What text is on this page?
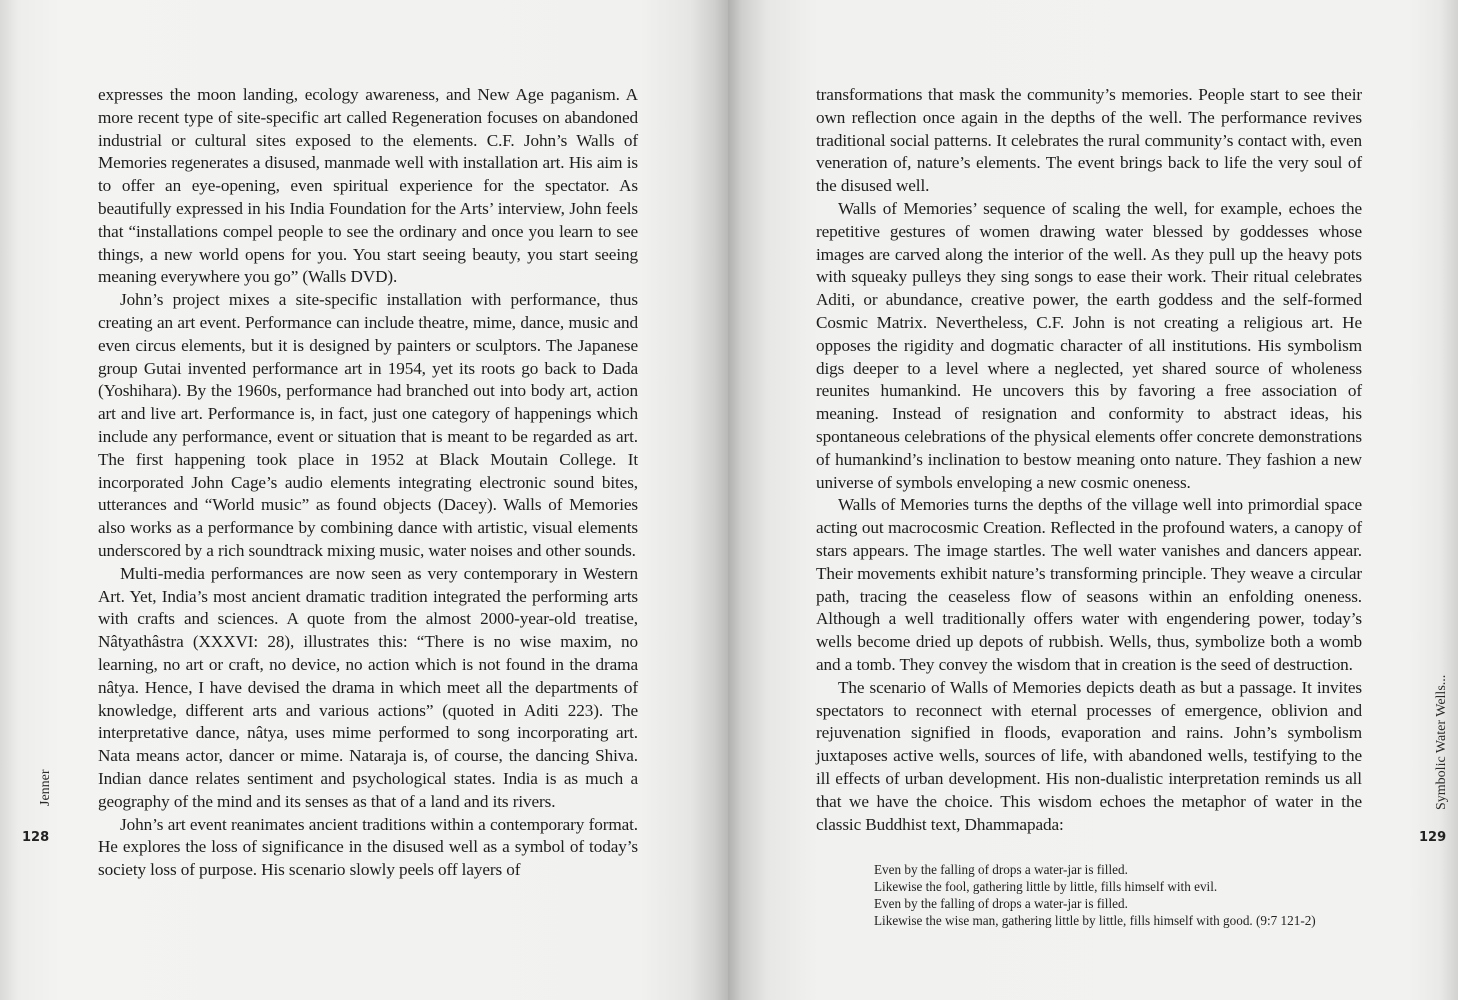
expresses the moon landing, ecology awareness, and New Age paganism. A more recent type of site-specific art called Regeneration focuses on abandoned industrial or cultural sites exposed to the elements. C.F. John’s Walls of Memories regenerates a disused, manmade well with installation art. His aim is to offer an eye-opening, even spiritual experience for the spectator. As beautifully expressed in his India Foundation for the Arts’ interview, John feels that “installations compel people to see the ordinary and once you learn to see things, a new world opens for you. You start seeing beauty, you start seeing meaning everywhere you go” (Walls DVD).

John’s project mixes a site-specific installation with performance, thus creating an art event. Performance can include theatre, mime, dance, music and even circus elements, but it is designed by painters or sculptors. The Japanese group Gutai invented performance art in 1954, yet its roots go back to Dada (Yoshihara). By the 1960s, performance had branched out into body art, action art and live art. Performance is, in fact, just one category of happenings which include any performance, event or situation that is meant to be regarded as art. The first happening took place in 1952 at Black Moutain College. It incorporated John Cage’s audio elements integrating electronic sound bites, utterances and “World music” as found objects (Dacey). Walls of Memories also works as a performance by combining dance with artistic, visual elements underscored by a rich soundtrack mixing music, water noises and other sounds.

Multi-media performances are now seen as very contemporary in Western Art. Yet, India’s most ancient dramatic tradition integrated the performing arts with crafts and sciences. A quote from the almost 2000-year-old treatise, Nâtyathâstra (XXXVI: 28), illustrates this: “There is no wise maxim, no learning, no art or craft, no device, no action which is not found in the drama nâtya. Hence, I have devised the drama in which meet all the departments of knowledge, different arts and various actions” (quoted in Aditi 223). The interpretative dance, nâtya, uses mime performed to song incorporating art. Nata means actor, dancer or mime. Nataraja is, of course, the dancing Shiva. Indian dance relates sentiment and psychological states. India is as much a geography of the mind and its senses as that of a land and its rivers.

John’s art event reanimates ancient traditions within a contemporary format. He explores the loss of significance in the disused well as a symbol of today’s society loss of purpose. His scenario slowly peels off layers of

Jenner
128

transformations that mask the community’s memories. People start to see their own reflection once again in the depths of the well. The performance revives traditional social patterns. It celebrates the rural community’s contact with, even veneration of, nature’s elements. The event brings back to life the very soul of the disused well.

Walls of Memories’ sequence of scaling the well, for example, echoes the repetitive gestures of women drawing water blessed by goddesses whose images are carved along the interior of the well. As they pull up the heavy pots with squeaky pulleys they sing songs to ease their work. Their ritual celebrates Aditi, or abundance, creative power, the earth goddess and the self-formed Cosmic Matrix. Nevertheless, C.F. John is not creating a religious art. He opposes the rigidity and dogmatic character of all institutions. His symbolism digs deeper to a level where a neglected, yet shared source of wholeness reunites humankind. He uncovers this by favoring a free association of meaning. Instead of resignation and conformity to abstract ideas, his spontaneous celebrations of the physical elements offer concrete demonstrations of humankind’s inclination to bestow meaning onto nature. They fashion a new universe of symbols enveloping a new cosmic oneness.

Walls of Memories turns the depths of the village well into primordial space acting out macrocosmic Creation. Reflected in the profound waters, a canopy of stars appears. The image startles. The well water vanishes and dancers appear. Their movements exhibit nature’s transforming principle. They weave a circular path, tracing the ceaseless flow of seasons within an enfolding oneness. Although a well traditionally offers water with engendering power, today’s wells become dried up depots of rubbish. Wells, thus, symbolize both a womb and a tomb. They convey the wisdom that in creation is the seed of destruction.

The scenario of Walls of Memories depicts death as but a passage. It invites spectators to reconnect with eternal processes of emergence, oblivion and rejuvenation signified in floods, evaporation and rains. John’s symbolism juxtaposes active wells, sources of life, with abandoned wells, testifying to the ill effects of urban development. His non-dualistic interpretation reminds us all that we have the choice. This wisdom echoes the metaphor of water in the classic Buddhist text, Dhammapada:

Even by the falling of drops a water-jar is filled.
Likewise the fool, gathering little by little, fills himself with evil.
Even by the falling of drops a water-jar is filled.
Likewise the wise man, gathering little by little, fills himself with good. (9:7 121-2)
Symbolic Water Wells...
129
